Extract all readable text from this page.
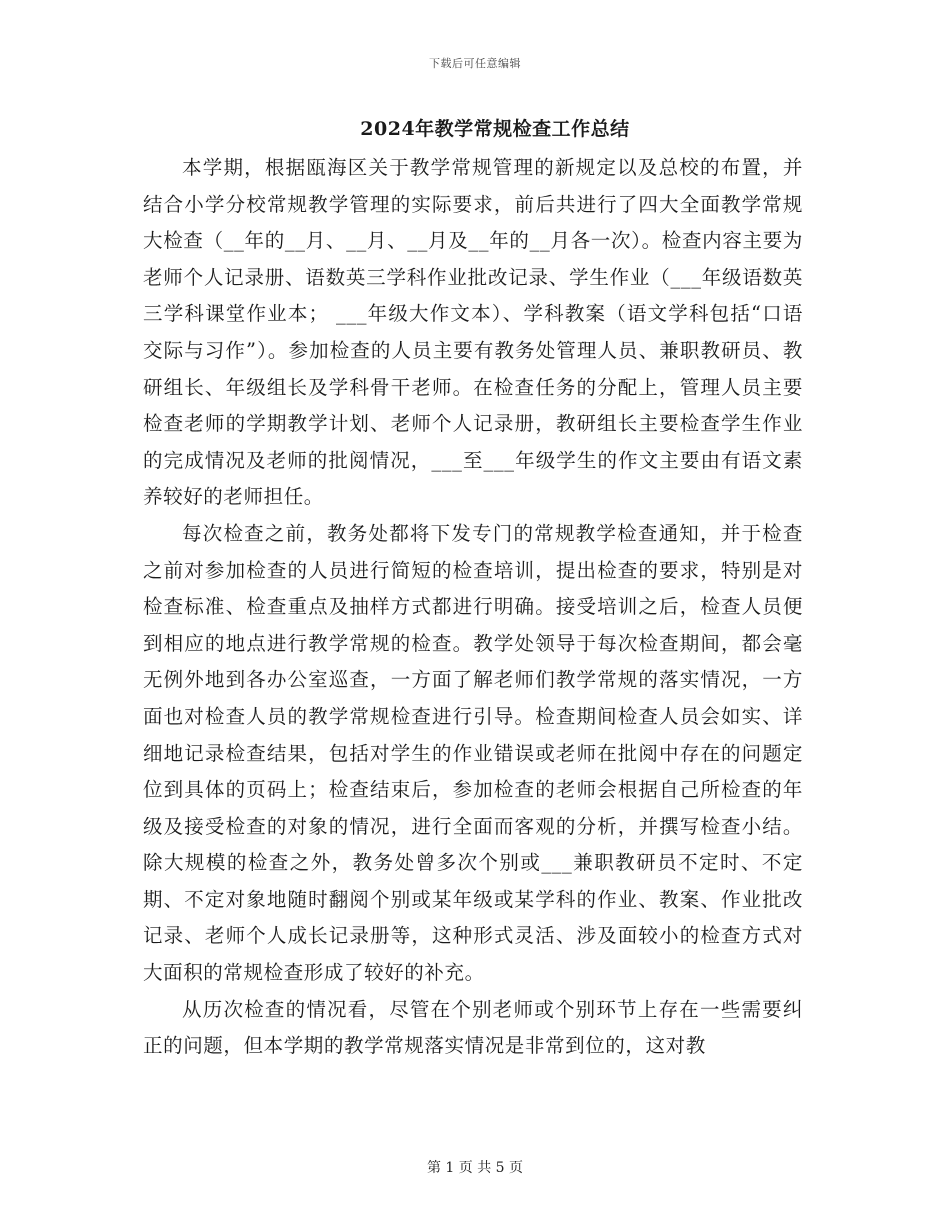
下载后可任意编辑
2024年教学常规检查工作总结

本学期，根据瓯海区关于教学常规管理的新规定以及总校的布置，并结合小学分校常规教学管理的实际要求，前后共进行了四大全面教学常规大检查（__年的__月、__月、__月及__年的__月各一次）。检查内容主要为老师个人记录册、语数英三学科作业批改记录、学生作业（___年级语数英三学科课堂作业本； ___年级大作文本）、学科教案（语文学科包括“口语交际与习作”）。参加检查的人员主要有教务处管理人员、兼职教研员、教研组长、年级组长及学科骨干老师。在检查任务的分配上，管理人员主要检查老师的学期教学计划、老师个人记录册，教研组长主要检查学生作业的完成情况及老师的批阅情况，___至___年级学生的作文主要由有语文素养较好的老师担任。

每次检查之前，教务处都将下发专门的常规教学检查通知，并于检查之前对参加检查的人员进行简短的检查培训，提出检查的要求，特别是对检查标准、检查重点及抽样方式都进行明确。接受培训之后，检查人员便到相应的地点进行教学常规的检查。教学处领导于每次检查期间，都会毫无例外地到各办公室巡查，一方面了解老师们教学常规的落实情况，一方面也对检查人员的教学常规检查进行引导。检查期间检查人员会如实、详细地记录检查结果，包括对学生的作业错误或老师在批阅中存在的问题定位到具体的页码上；检查结束后，参加检查的老师会根据自己所检查的年级及接受检查的对象的情况，进行全面而客观的分析，并撰写检查小结。除大规模的检查之外，教务处曾多次个别或___兼职教研员不定时、不定期、不定对象地随时翻阅个别或某年级或某学科的作业、教案、作业批改记录、老师个人成长记录册等，这种形式灵活、涉及面较小的检查方式对大面积的常规检查形成了较好的补充。

从历次检查的情况看，尽管在个别老师或个别环节上存在一些需要纠正的问题，但本学期的教学常规落实情况是非常到位的，这对教

第 1 页 共 5 页
